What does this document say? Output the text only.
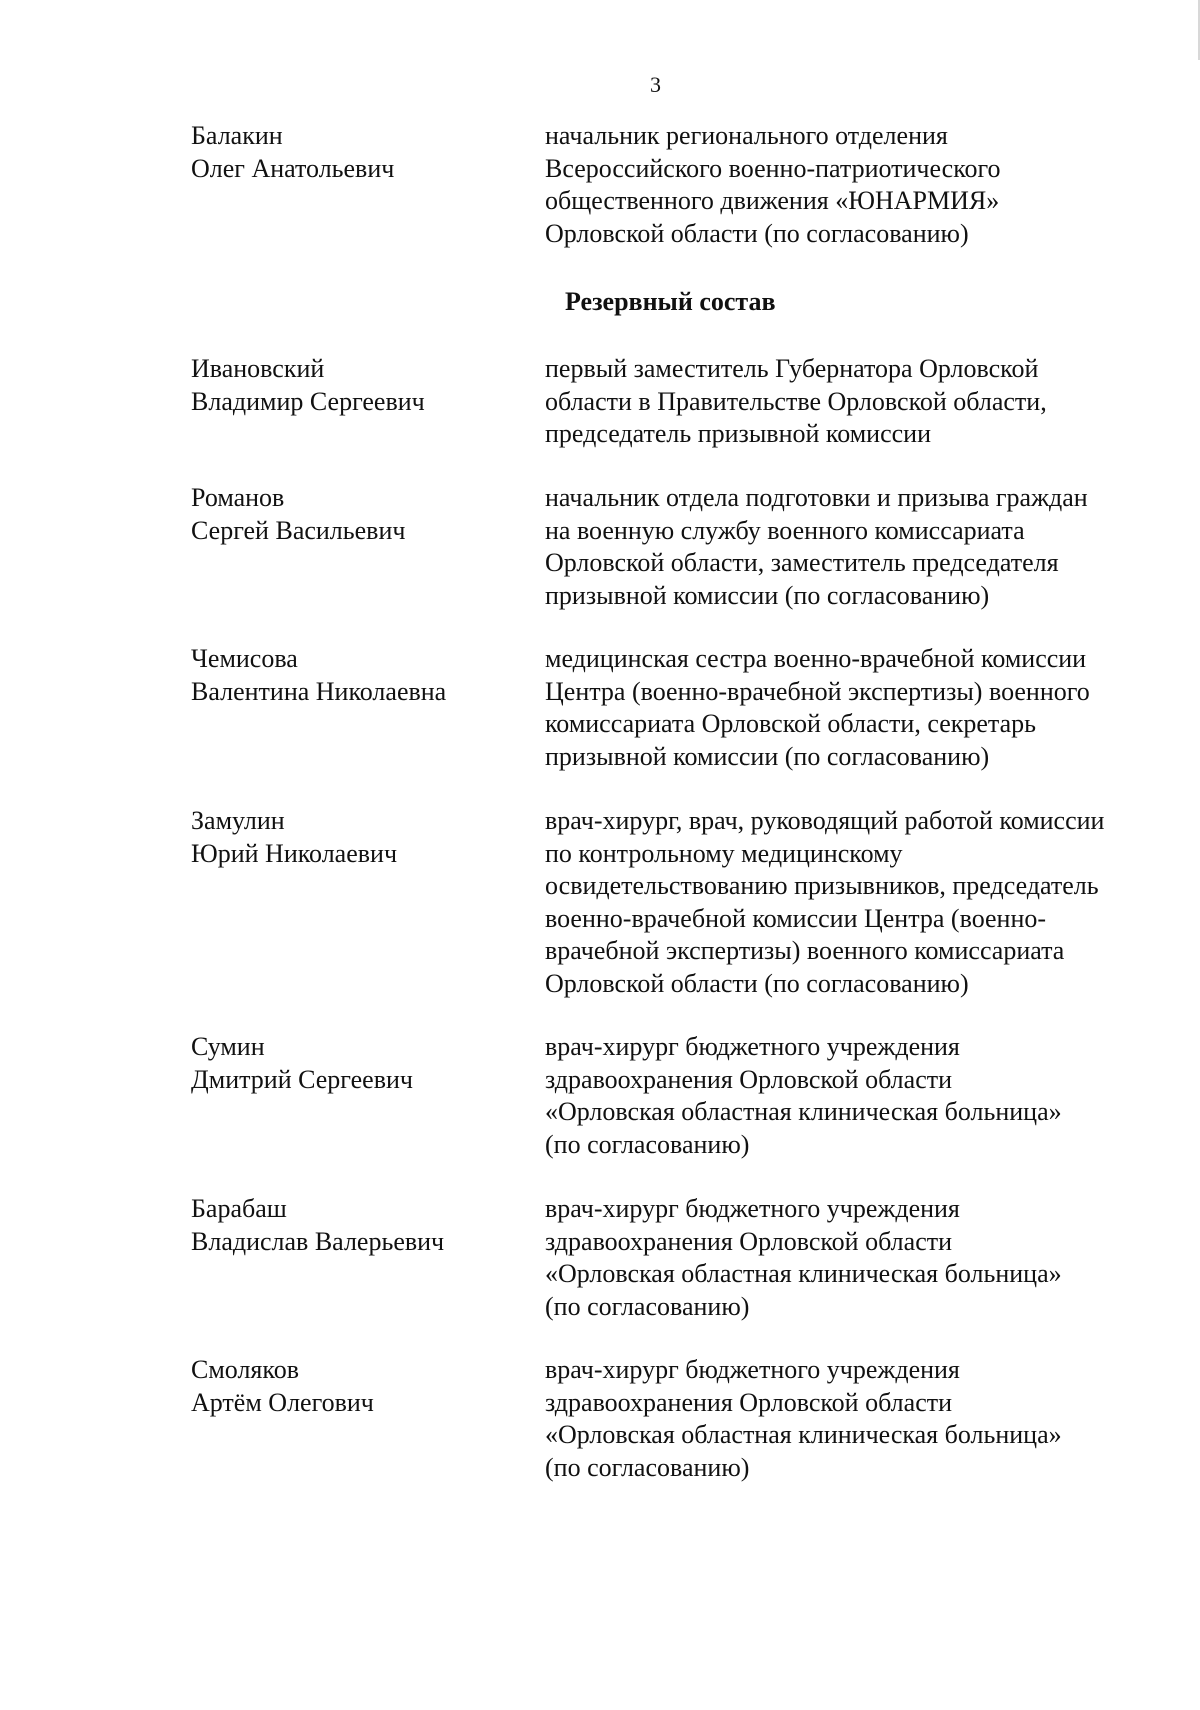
3
Балакин
Олег Анатольевич
начальник регионального отделения
Всероссийского военно-патриотического
общественного движения «ЮНАРМИЯ»
Орловской области (по согласованию)
Резервный состав
Ивановский
Владимир Сергеевич
первый заместитель Губернатора Орловской
области в Правительстве Орловской области,
председатель призывной комиссии
Романов
Сергей Васильевич
начальник отдела подготовки и призыва граждан
на военную службу военного комиссариата
Орловской области, заместитель председателя
призывной комиссии (по согласованию)
Чемисова
Валентина Николаевна
медицинская сестра военно-врачебной комиссии
Центра (военно-врачебной экспертизы) военного
комиссариата Орловской области, секретарь
призывной комиссии (по согласованию)
Замулин
Юрий Николаевич
врач-хирург, врач, руководящий работой комиссии
по контрольному медицинскому
освидетельствованию призывников, председатель
военно-врачебной комиссии Центра (военно-
врачебной экспертизы) военного комиссариата
Орловской области (по согласованию)
Сумин
Дмитрий Сергеевич
врач-хирург бюджетного учреждения
здравоохранения Орловской области
«Орловская областная клиническая больница»
(по согласованию)
Барабаш
Владислав Валерьевич
врач-хирург бюджетного учреждения
здравоохранения Орловской области
«Орловская областная клиническая больница»
(по согласованию)
Смоляков
Артём Олегович
врач-хирург бюджетного учреждения
здравоохранения Орловской области
«Орловская областная клиническая больница»
(по согласованию)
